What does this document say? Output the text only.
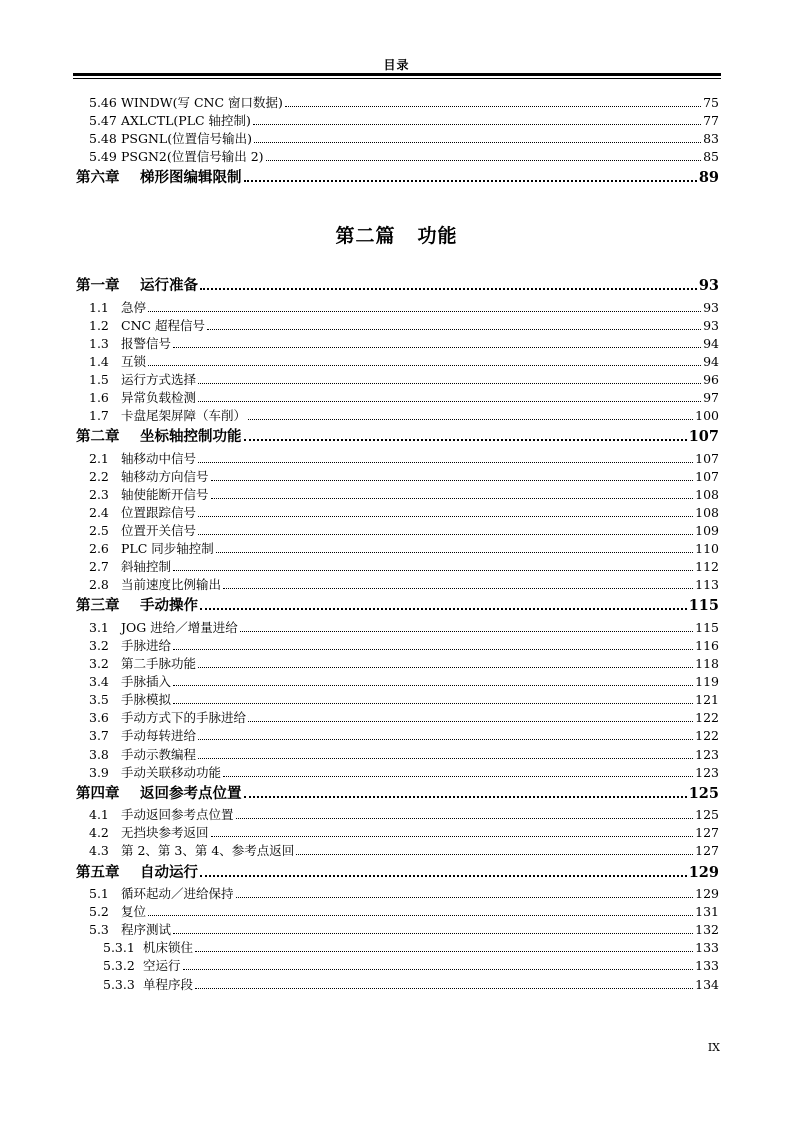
目录
5.46 WINDW(写 CNC 窗口数据)	75
5.47 AXLCTL(PLC 轴控制)	77
5.48 PSGNL(位置信号输出)	83
5.49 PSGN2(位置信号输出 2)	85
第六章	梯形图编辑限制	89
第二篇 功能
第一章	运行准备	93
1.1 急停	93
1.2 CNC 超程信号	93
1.3 报警信号	94
1.4 互锁	94
1.5 运行方式选择	96
1.6 异常负载检测	97
1.7 卡盘尾架屏障（车削）	100
第二章	坐标轴控制功能	107
2.1 轴移动中信号	107
2.2 轴移动方向信号	107
2.3 轴使能断开信号	108
2.4 位置跟踪信号	108
2.5 位置开关信号	109
2.6 PLC 同步轴控制	110
2.7 斜轴控制	112
2.8 当前速度比例输出	113
第三章	手动操作	115
3.1 JOG 进给／增量进给	115
3.2 手脉进给	116
3.2 第二手脉功能	118
3.4 手脉插入	119
3.5 手脉模拟	121
3.6 手动方式下的手脉进给	122
3.7 手动每转进给	122
3.8 手动示教编程	123
3.9 手动关联移动功能	123
第四章	返回参考点位置	125
4.1 手动返回参考点位置	125
4.2 无挡块参考返回	127
4.3 第 2、第 3、第 4、参考点返回	127
第五章	自动运行	129
5.1 循环起动／进给保持	129
5.2 复位	131
5.3 程序测试	132
5.3.1 机床锁住	133
5.3.2 空运行	133
5.3.3 单程序段	134
IX
